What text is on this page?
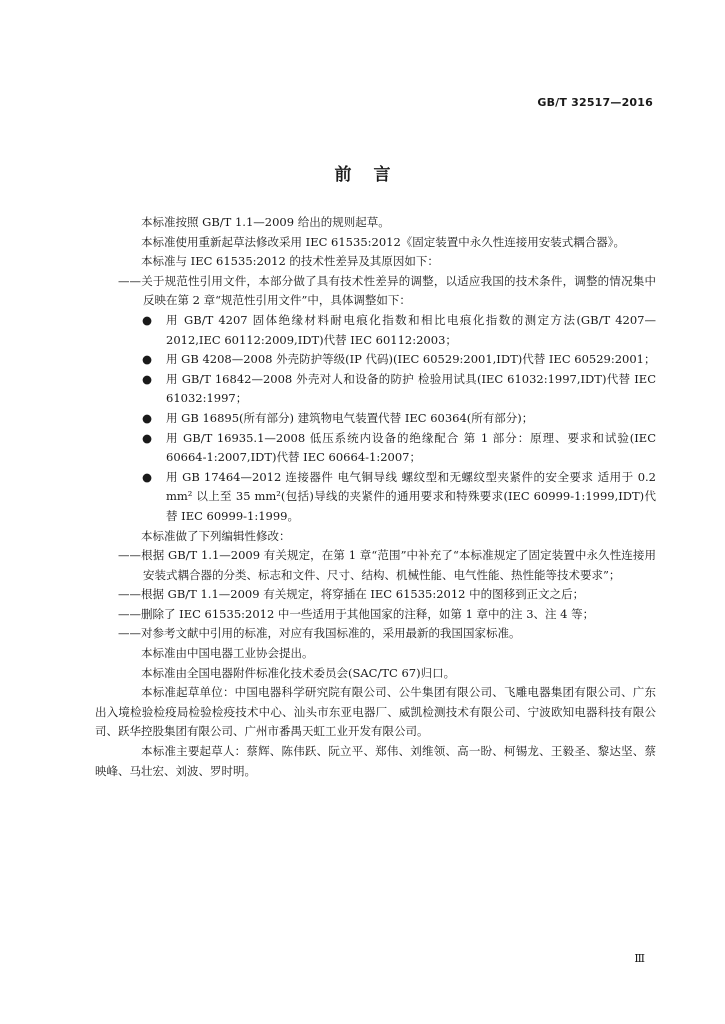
GB/T 32517—2016
前言

本标准按照 GB/T 1.1—2009 给出的规则起草。

本标准使用重新起草法修改采用 IEC 61535:2012《固定装置中永久性连接用安装式耦合器》。

本标准与 IEC 61535:2012 的技术性差异及其原因如下：

——关于规范性引用文件，本部分做了具有技术性差异的调整，以适应我国的技术条件，调整的情况集中反映在第 2 章“规范性引用文件”中，具体调整如下：

● 用 GB/T 4207 固体绝缘材料耐电痕化指数和相比电痕化指数的测定方法(GB/T 4207—2012,IEC 60112:2009,IDT)代替 IEC 60112:2003；
● 用 GB 4208—2008 外壳防护等级(IP 代码)(IEC 60529:2001,IDT)代替 IEC 60529:2001；
● 用 GB/T 16842—2008 外壳对人和设备的防护 检验用试具(IEC 61032:1997,IDT)代替 IEC 61032:1997；
● 用 GB 16895(所有部分) 建筑物电气装置代替 IEC 60364(所有部分)；
● 用 GB/T 16935.1—2008 低压系统内设备的绝缘配合 第 1 部分：原理、要求和试验(IEC 60664-1:2007,IDT)代替 IEC 60664-1:2007；
● 用 GB 17464—2012 连接器件 电气铜导线 螺纹型和无螺纹型夹紧件的安全要求 适用于 0.2 mm² 以上至 35 mm²(包括)导线的夹紧件的通用要求和特殊要求(IEC 60999-1:1999,IDT)代替 IEC 60999-1:1999。

本标准做了下列编辑性修改：

——根据 GB/T 1.1—2009 有关规定，在第 1 章“范围”中补充了“本标准规定了固定装置中永久性连接用安装式耦合器的分类、标志和文件、尺寸、结构、机械性能、电气性能、热性能等技术要求”；

——根据 GB/T 1.1—2009 有关规定，将穿插在 IEC 61535:2012 中的图移到正文之后；

——删除了 IEC 61535:2012 中一些适用于其他国家的注释，如第 1 章中的注 3、注 4 等；

——对参考文献中引用的标准，对应有我国标准的，采用最新的我国国家标准。

本标准由中国电器工业协会提出。

本标准由全国电器附件标准化技术委员会(SAC/TC 67)归口。

本标准起草单位：中国电器科学研究院有限公司、公牛集团有限公司、飞雕电器集团有限公司、广东出入境检验检疫局检验检疫技术中心、汕头市东亚电器厂、威凯检测技术有限公司、宁波欧知电器科技有限公司、跃华控股集团有限公司、广州市番禺天虹工业开发有限公司。

本标准主要起草人：蔡辉、陈伟跃、阮立平、郑伟、刘维领、高一盼、柯锡龙、王毅圣、黎达坚、蔡映峰、马壮宏、刘波、罗时明。

Ⅲ
